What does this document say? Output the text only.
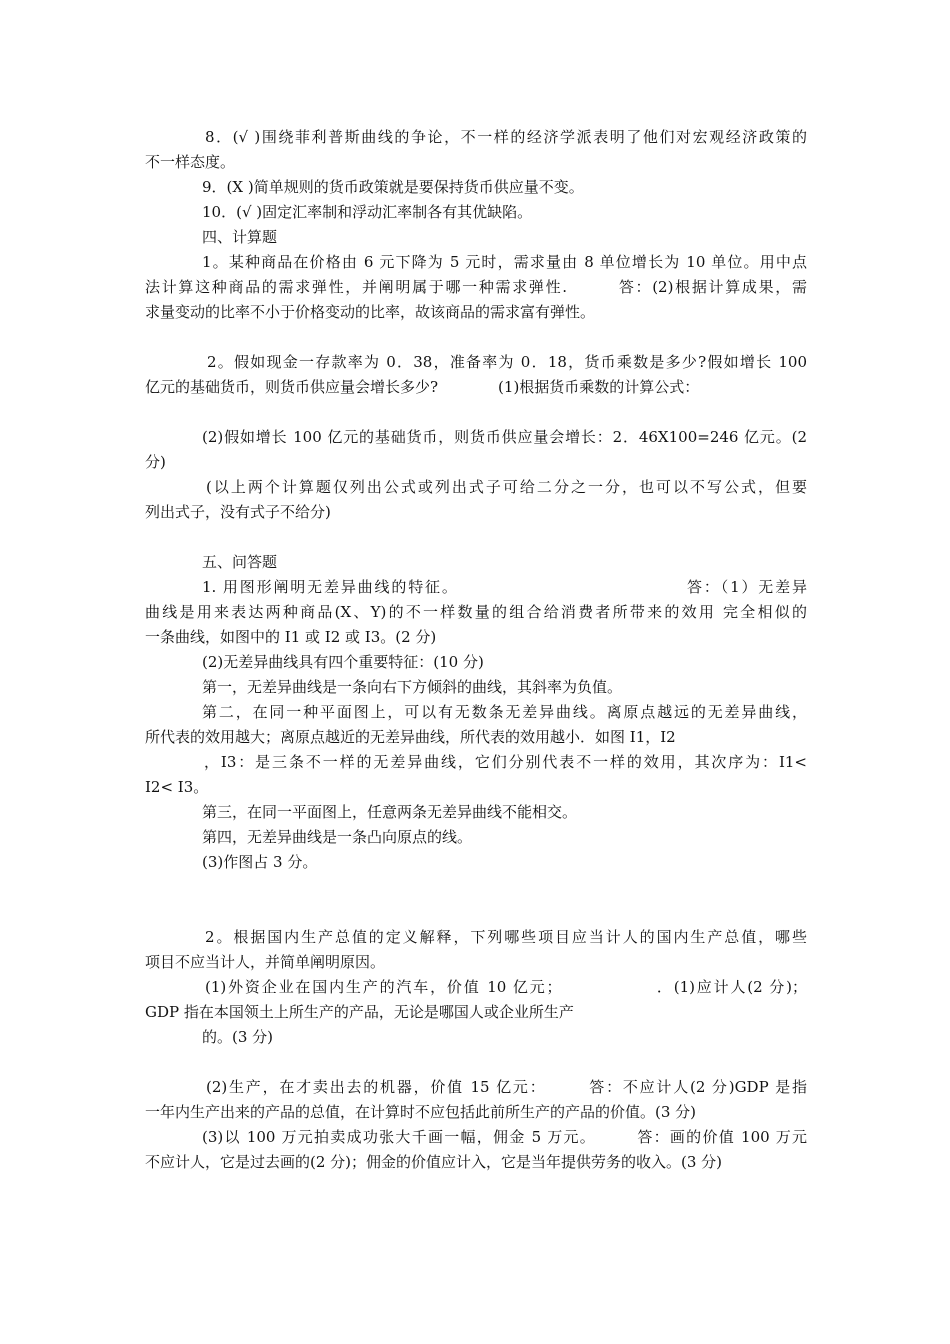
8．(√ )围绕菲利普斯曲线的争论，不一样的经济学派表明了他们对宏观经济政策的
不一样态度。
9．(X )简单规则的货币政策就是要保持货币供应量不变。
10．(√ )固定汇率制和浮动汇率制各有其优缺陷。
四、计算题
1。某种商品在价格由 6 元下降为 5 元时，需求量由 8 单位增长为 10 单位。用中点
法计算这种商品的需求弹性，并阐明属于哪一种需求弹性.　　　答：(2)根据计算成果，需
求量变动的比率不小于价格变动的比率，故该商品的需求富有弹性。
2。假如现金一存款率为 0．38，准备率为 0．18，货币乘数是多少?假如增长 100
亿元的基础货币，则货币供应量会增长多少?　　　　(1)根据货币乘数的计算公式：
(2)假如增长 100 亿元的基础货币，则货币供应量会增长：2．46X100=246 亿元。(2
分)
(以上两个计算题仅列出公式或列出式子可给二分之一分，也可以不写公式，但要
列出式子，没有式子不给分)
五、问答题
1. 用图形阐明无差异曲线的特征。　　　　　　　　　　　　　　答：（1）无差异
曲线是用来表达两种商品(X、Y)的不一样数量的组合给消费者所带来的效用 完全相似的
一条曲线，如图中的 I1 或 I2 或 I3。(2 分)
(2)无差异曲线具有四个重要特征：(10 分)
第一，无差异曲线是一条向右下方倾斜的曲线，其斜率为负值。
第二，在同一种平面图上，可以有无数条无差异曲线。离原点越远的无差异曲线，
所代表的效用越大；离原点越近的无差异曲线，所代表的效用越小．如图 I1，I2
，I3：是三条不一样的无差异曲线，它们分别代表不一样的效用，其次序为：I1<
I2< I3。
第三，在同一平面图上，任意两条无差异曲线不能相交。
第四，无差异曲线是一条凸向原点的线。
(3)作图占 3 分。
2。根据国内生产总值的定义解释，下列哪些项目应当计人的国内生产总值，哪些
项目不应当计人，并简单阐明原因。
(1)外资企业在国内生产的汽车，价值 10 亿元；　　　　　　．(1)应计人(2 分)；
GDP 指在本国领土上所生产的产品，无论是哪国人或企业所生产
的。(3 分)
(2)生产，在才卖出去的机器，价值 15 亿元：　　　答：不应计人(2 分)GDP 是指
一年内生产出来的产品的总值，在计算时不应包括此前所生产的产品的价值。(3 分)
(3)以 100 万元拍卖成功张大千画一幅，佣金 5 万元。　　　答：画的价值 100 万元
不应计人，它是过去画的(2 分)；佣金的价值应计入，它是当年提供劳务的收入。(3 分)
